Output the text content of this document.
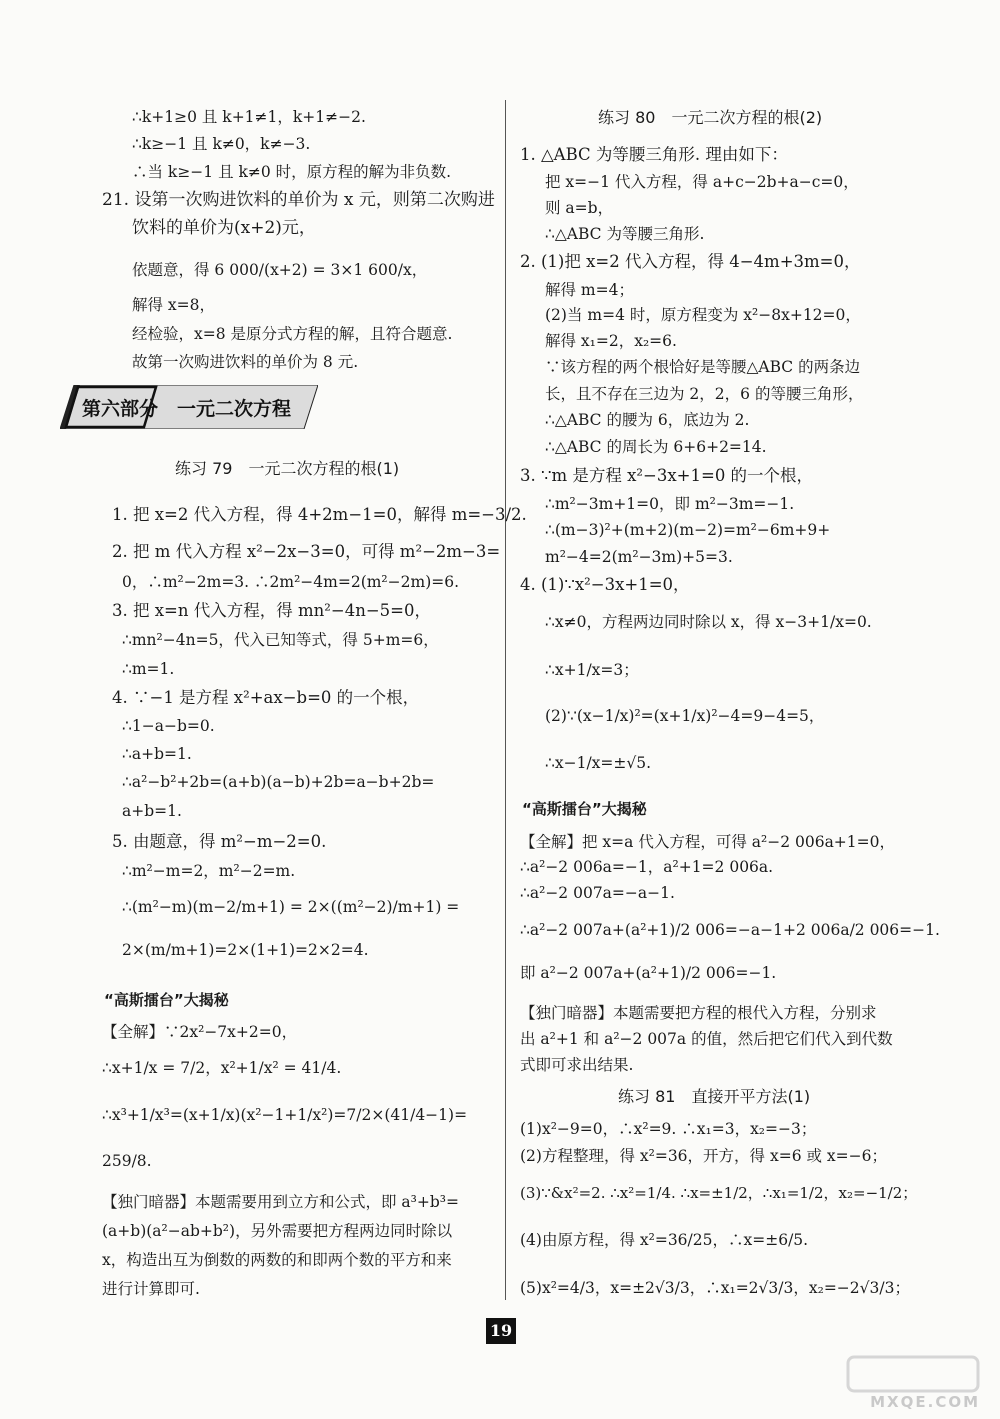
∴k+1≥0 且 k+1≠1，k+1≠−2.
∴k≥−1 且 k≠0，k≠−3.
∴当 k≥−1 且 k≠0 时，原方程的解为非负数.
21. 设第一次购进饮料的单价为 x 元，则第二次购进
饮料的单价为(x+2)元，
依题意，得 6 000/(x+2) = 3×1 600/x，
解得 x=8，
经检验，x=8 是原分式方程的解，且符合题意.
故第一次购进饮料的单价为 8 元.
第六部分　一元二次方程
练习 79　一元二次方程的根(1)
1. 把 x=2 代入方程，得 4+2m−1=0，解得 m=−3/2.
2. 把 m 代入方程 x²−2x−3=0，可得 m²−2m−3=
0，∴m²−2m=3. ∴2m²−4m=2(m²−2m)=6.
3. 把 x=n 代入方程，得 mn²−4n−5=0，
∴mn²−4n=5，代入已知等式，得 5+m=6，
∴m=1.
4. ∵−1 是方程 x²+ax−b=0 的一个根，
∴1−a−b=0.
∴a+b=1.
∴a²−b²+2b=(a+b)(a−b)+2b=a−b+2b=
a+b=1.
5. 由题意，得 m²−m−2=0.
∴m²−m=2，m²−2=m.
∴(m²−m)(m−2/m+1) = 2×((m²−2)/m+1) =
2×(m/m+1)=2×(1+1)=2×2=4.
“高斯擂台”大揭秘
【全解】∵2x²−7x+2=0，
∴x+1/x = 7/2，x²+1/x² = 41/4.
∴x³+1/x³=(x+1/x)(x²−1+1/x²)=7/2×(41/4−1)=
259/8.
【独门暗器】本题需要用到立方和公式，即 a³+b³=
(a+b)(a²−ab+b²)，另外需要把方程两边同时除以
x，构造出互为倒数的两数的和即两个数的平方和来
进行计算即可.
练习 80　一元二次方程的根(2)
1. △ABC 为等腰三角形. 理由如下：
把 x=−1 代入方程，得 a+c−2b+a−c=0，
则 a=b，
∴△ABC 为等腰三角形.
2. (1)把 x=2 代入方程，得 4−4m+3m=0，
解得 m=4；
(2)当 m=4 时，原方程变为 x²−8x+12=0，
解得 x₁=2，x₂=6.
∵该方程的两个根恰好是等腰△ABC 的两条边
长，且不存在三边为 2，2，6 的等腰三角形，
∴△ABC 的腰为 6，底边为 2.
∴△ABC 的周长为 6+6+2=14.
3. ∵m 是方程 x²−3x+1=0 的一个根，
∴m²−3m+1=0，即 m²−3m=−1.
∴(m−3)²+(m+2)(m−2)=m²−6m+9+
m²−4=2(m²−3m)+5=3.
4. (1)∵x²−3x+1=0，
∴x≠0，方程两边同时除以 x，得 x−3+1/x=0.
∴x+1/x=3；
(2)∵(x−1/x)²=(x+1/x)²−4=9−4=5，
∴x−1/x=±√5.
“高斯擂台”大揭秘
【全解】把 x=a 代入方程，可得 a²−2 006a+1=0，
∴a²−2 006a=−1，a²+1=2 006a.
∴a²−2 007a=−a−1.
∴a²−2 007a+(a²+1)/2 006=−a−1+2 006a/2 006=−1.
即 a²−2 007a+(a²+1)/2 006=−1.
【独门暗器】本题需要把方程的根代入方程，分别求
出 a²+1 和 a²−2 007a 的值，然后把它们代入到代数
式即可求出结果.
练习 81　直接开平方法(1)
(1)x²−9=0，∴x²=9. ∴x₁=3，x₂=−3；
(2)方程整理，得 x²=36，开方，得 x=6 或 x=−6；
(3)∵&x²=2. ∴x²=1/4. ∴x=±1/2，∴x₁=1/2，x₂=−1/2；
(4)由原方程，得 x²=36/25，∴x=±6/5.
(5)x²=4/3，x=±2√3/3，∴x₁=2√3/3，x₂=−2√3/3；
19
MXQE.COM
